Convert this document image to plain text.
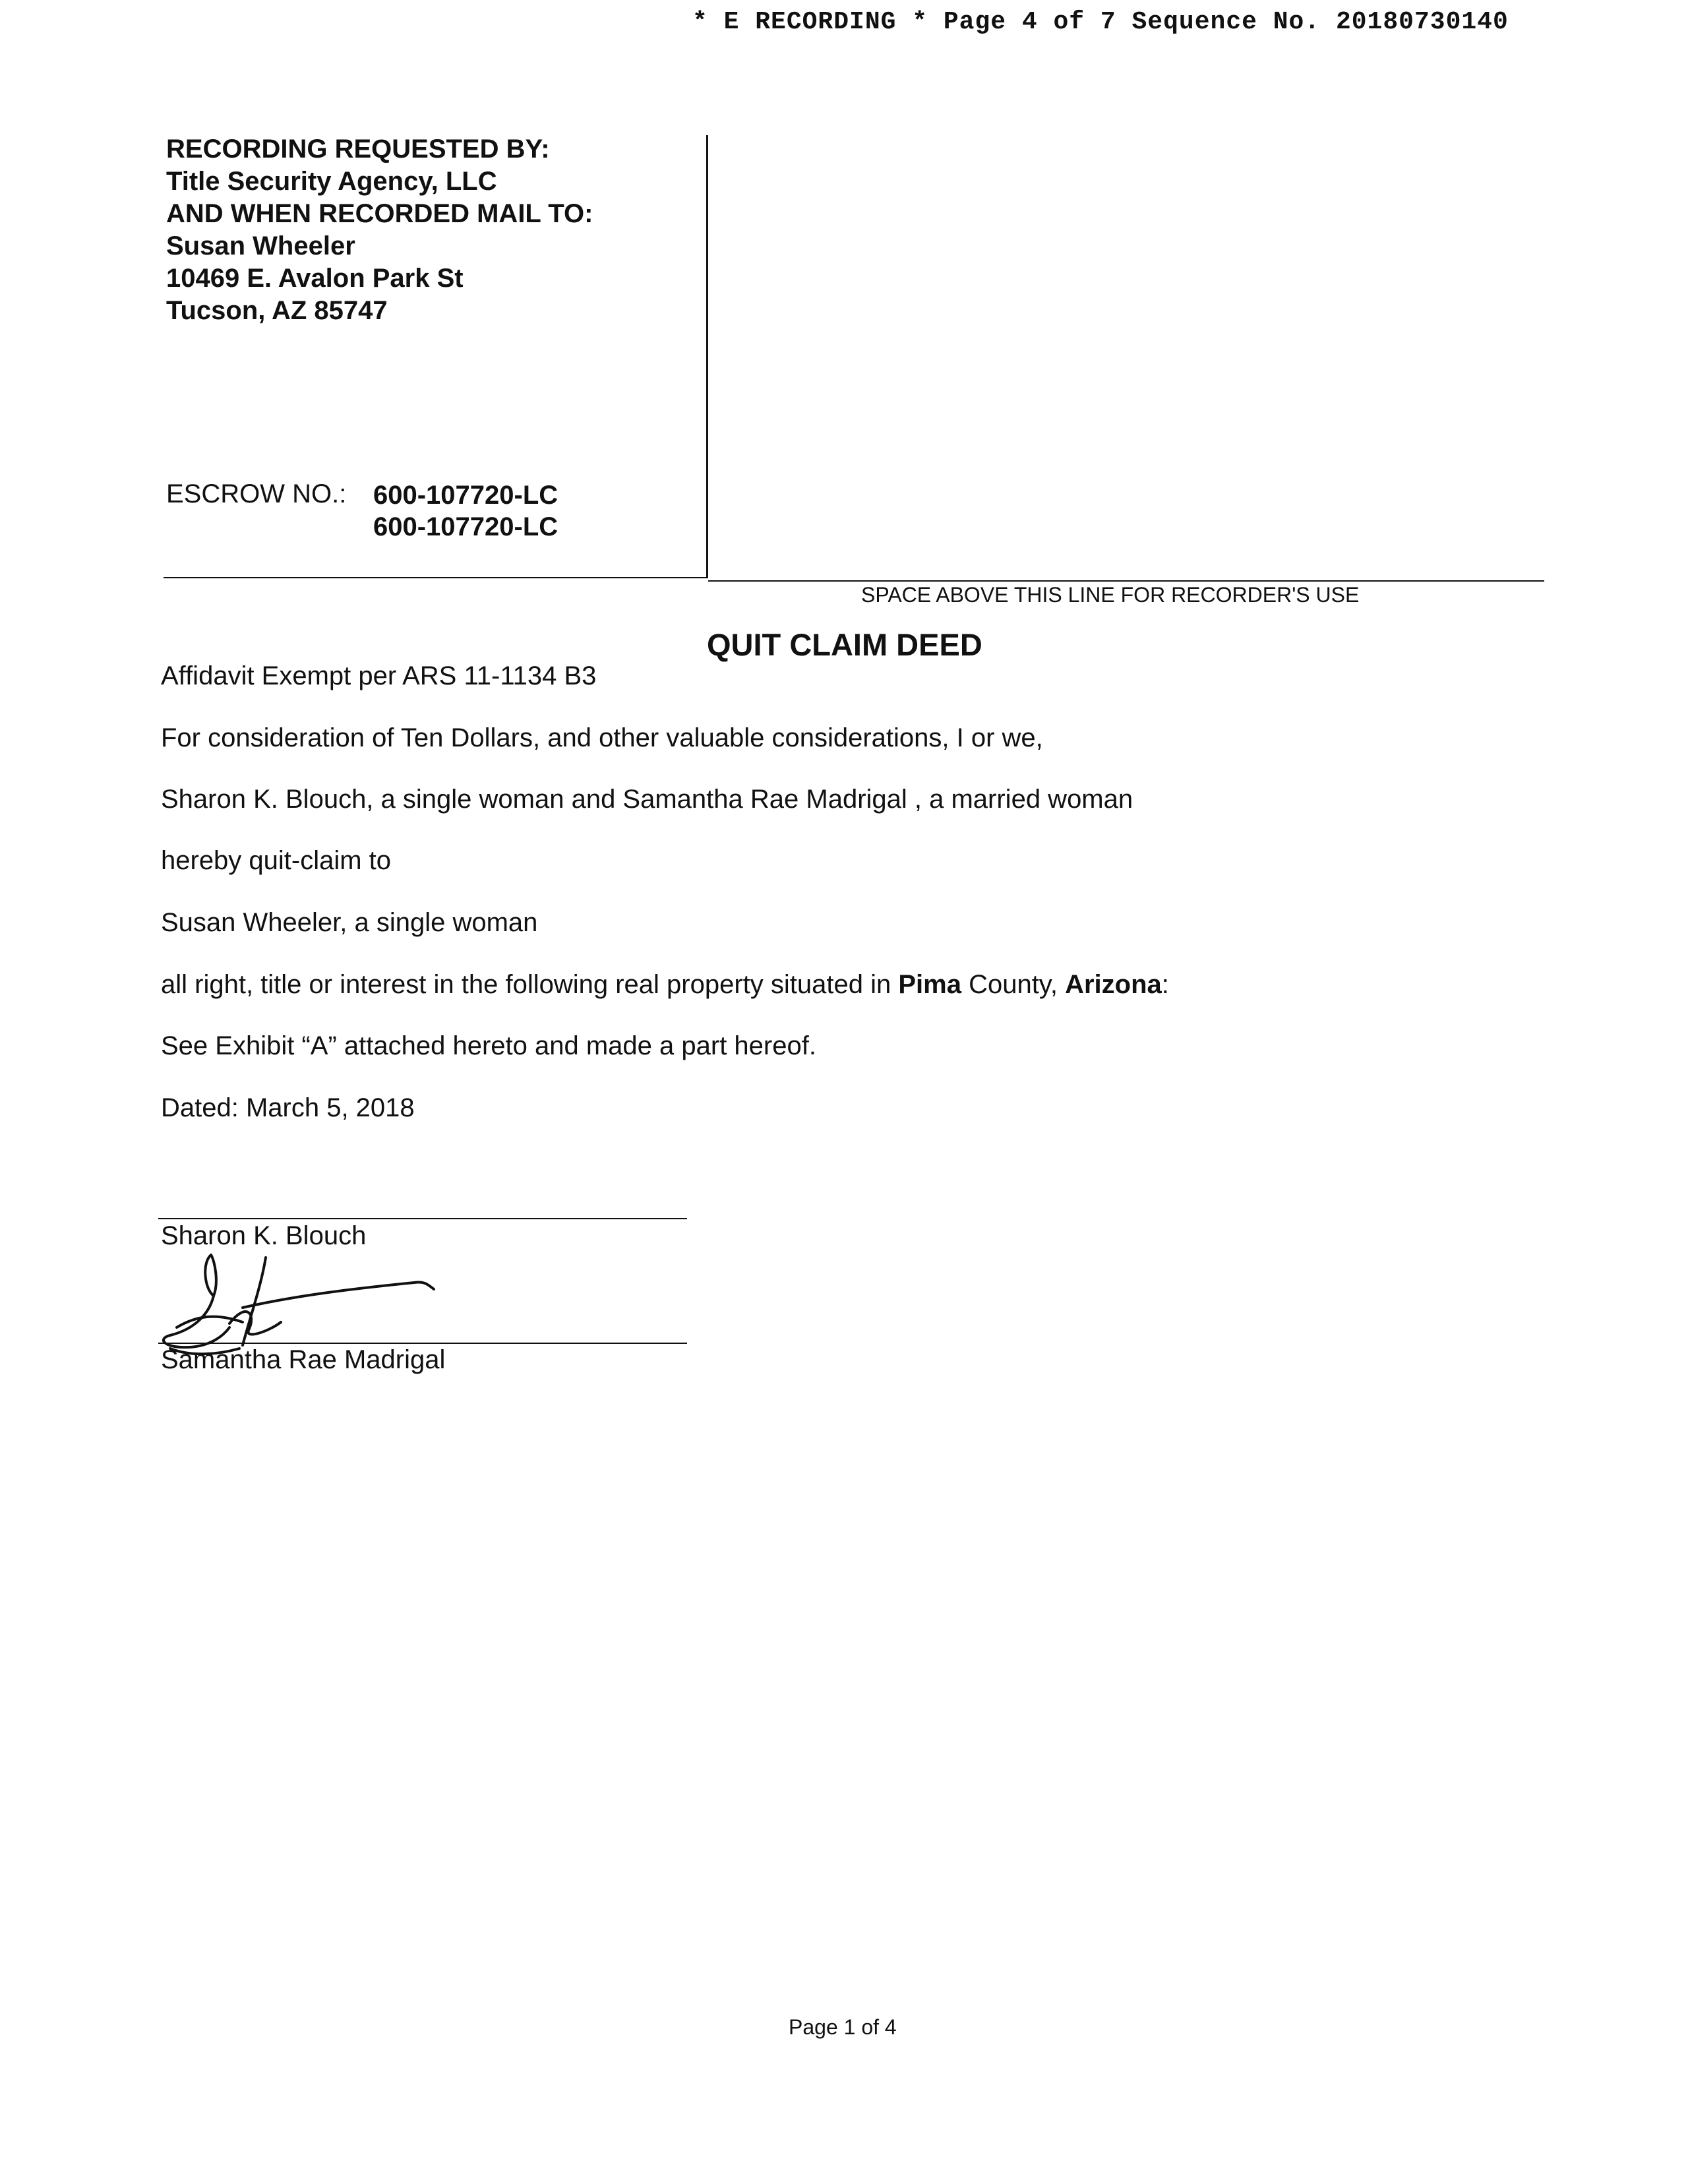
* E RECORDING * Page 4 of 7 Sequence No. 20180730140
RECORDING REQUESTED BY:
Title Security Agency, LLC
AND WHEN RECORDED MAIL TO:
Susan Wheeler
10469 E. Avalon Park St
Tucson, AZ 85747
ESCROW NO.: 600-107720-LC
600-107720-LC
SPACE ABOVE THIS LINE FOR RECORDER'S USE
QUIT CLAIM DEED
Affidavit Exempt per ARS 11-1134 B3
For consideration of Ten Dollars, and other valuable considerations, I or we,
Sharon K. Blouch, a single woman and Samantha Rae Madrigal , a married woman
hereby quit-claim to
Susan Wheeler, a single woman
all right, title or interest in the following real property situated in Pima County, Arizona:
See Exhibit “A” attached hereto and made a part hereof.
Dated: March 5, 2018
Sharon K. Blouch
Samantha Rae Madrigal
Page 1 of 4
